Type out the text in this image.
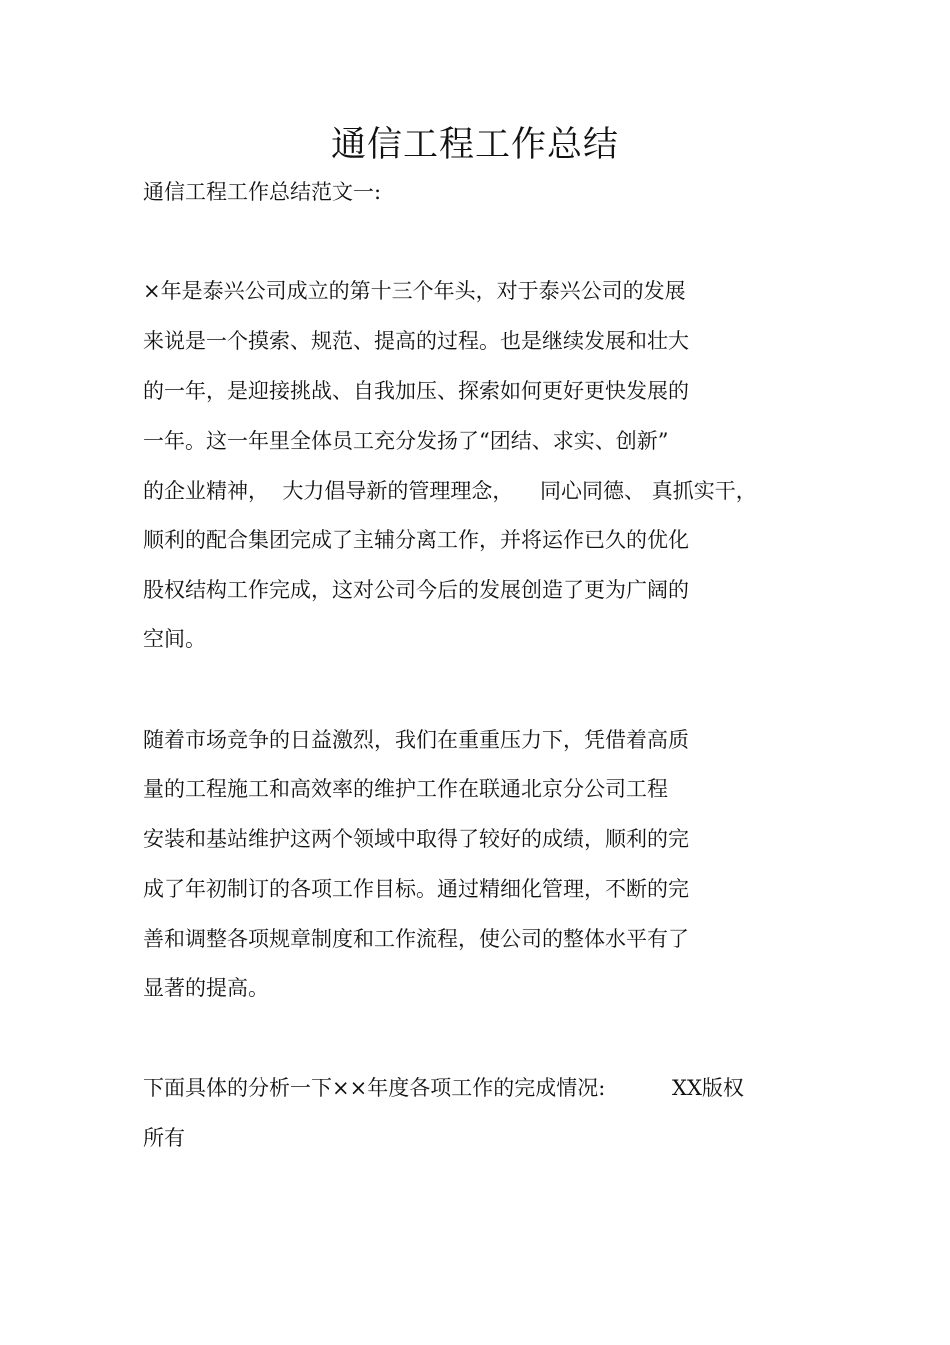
通信工程工作总结
通信工程工作总结范文一:
×年是泰兴公司成立的第十三个年头，对于泰兴公司的发展
来说是一个摸索、规范、提高的过程。也是继续发展和壮大
的一年，是迎接挑战、自我加压、探索如何更好更快发展的
一年。这一年里全体员工充分发扬了“团结、求实、创新”
的企业精神，  大力倡导新的管理理念，    同心同德、 真抓实干，
顺利的配合集团完成了主辅分离工作，并将运作已久的优化
股权结构工作完成，这对公司今后的发展创造了更为广阔的
空间。
随着市场竞争的日益激烈，我们在重重压力下，凭借着高质
量的工程施工和高效率的维护工作在联通北京分公司工程
安装和基站维护这两个领域中取得了较好的成绩，顺利的完
成了年初制订的各项工作目标。通过精细化管理，不断的完
善和调整各项规章制度和工作流程，使公司的整体水平有了
显著的提高。
下面具体的分析一下××年度各项工作的完成情况:          XX版权
所有
